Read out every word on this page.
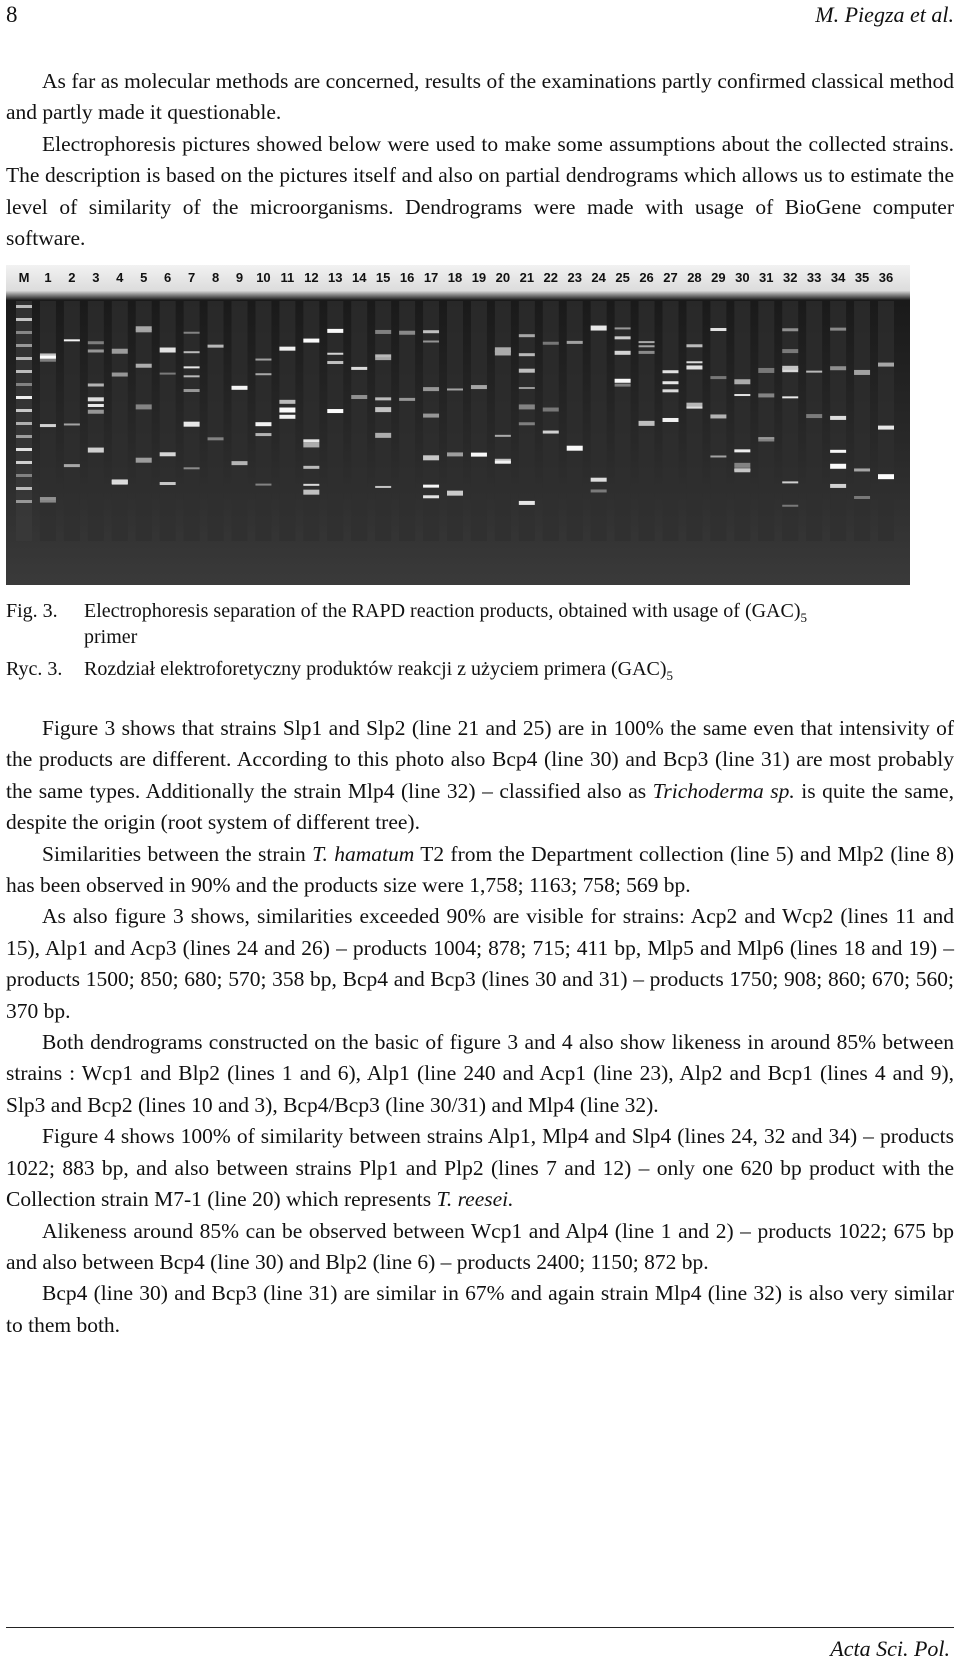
8	M. Piegza et al.

As far as molecular methods are concerned, results of the examinations partly confirmed classical method and partly made it questionable.

Electrophoresis pictures showed below were used to make some assumptions about the collected strains. The description is based on the pictures itself and also on partial dendrograms which allows us to estimate the level of similarity of the microorganisms. Dendrograms were made with usage of BioGene computer software.

M 1 2 3 4 5 6 7 8 9 10 11 12 13 14 15 16 17 18 19 20 21 22 23 24 25 26 27 28 29 30 31 32 33 34 35 36
Fig. 3.	Electrophoresis separation of the RAPD reaction products, obtained with usage of $(GAC)_5$
primer
Ryc. 3.	Rozdział elektroforetyczny produktów reakcji z użyciem primera $(GAC)_5$

Figure 3 shows that strains Slp1 and Slp2 (line 21 and 25) are in 100% the same even that intensivity of the products are different. According to this photo also Bcp4 (line 30) and Bcp3 (line 31) are most probably the same types. Additionally the strain Mlp4 (line 32) – classified also as Trichoderma sp. is quite the same, despite the origin (root system of different tree).

Similarities between the strain T. hamatum T2 from the Department collection (line 5) and Mlp2 (line 8) has been observed in 90% and the products size were 1,758; 1163; 758; 569 bp.

As also figure 3 shows, similarities exceeded 90% are visible for strains: Acp2 and Wcp2 (lines 11 and 15), Alp1 and Acp3 (lines 24 and 26) – products 1004; 878; 715; 411 bp, Mlp5 and Mlp6 (lines 18 and 19) – products 1500; 850; 680; 570; 358 bp, Bcp4 and Bcp3 (lines 30 and 31) – products 1750; 908; 860; 670; 560; 370 bp.

Both dendrograms constructed on the basic of figure 3 and 4 also show likeness in around 85% between strains : Wcp1 and Blp2 (lines 1 and 6), Alp1 (line 240 and Acp1 (line 23), Alp2 and Bcp1 (lines 4 and 9), Slp3 and Bcp2 (lines 10 and 3), Bcp4/Bcp3 (line 30/31) and Mlp4 (line 32).

Figure 4 shows 100% of similarity between strains Alp1, Mlp4 and Slp4 (lines 24, 32 and 34) – products 1022; 883 bp, and also between strains Plp1 and Plp2 (lines 7 and 12) – only one 620 bp product with the Collection strain M7-1 (line 20) which represents T. reesei.

Alikeness around 85% can be observed between Wcp1 and Alp4 (line 1 and 2) – products 1022; 675 bp and also between Bcp4 (line 30) and Blp2 (line 6) – products 2400; 1150; 872 bp.

Bcp4 (line 30) and Bcp3 (line 31) are similar in 67% and again strain Mlp4 (line 32) is also very similar to them both.

Acta Sci. Pol.
